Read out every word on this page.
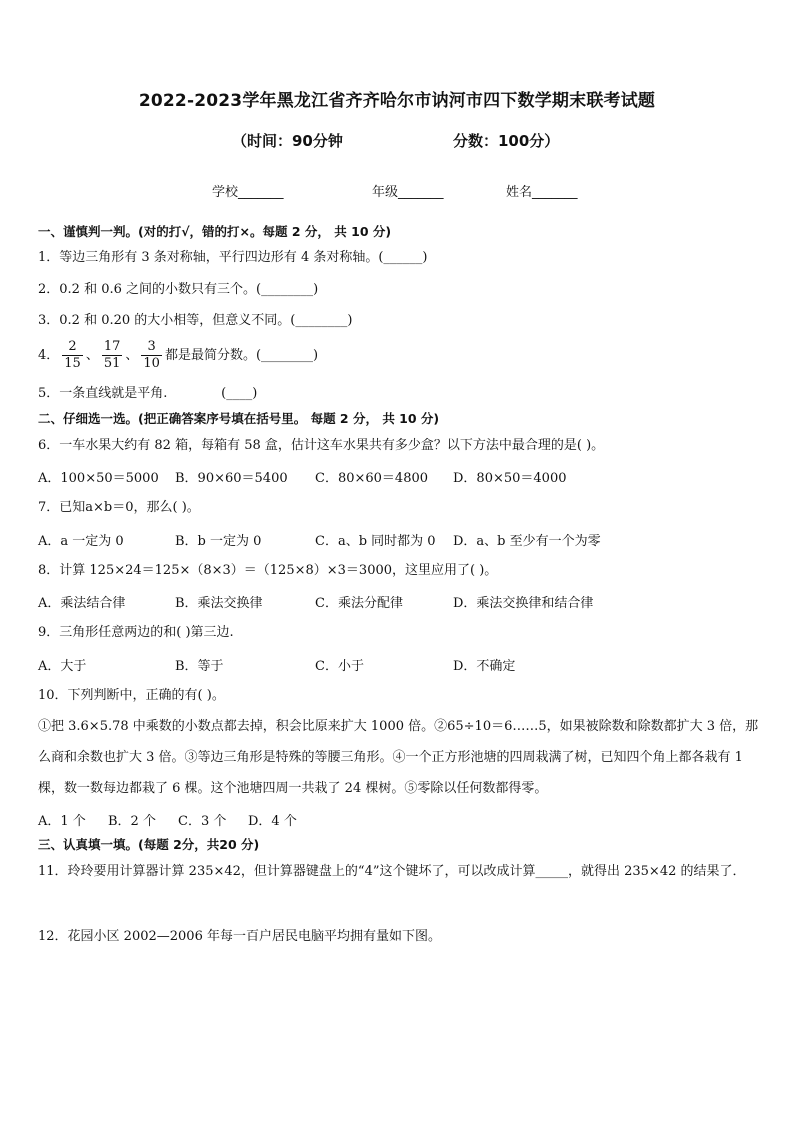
2022-2023学年黑龙江省齐齐哈尔市讷河市四下数学期末联考试题
（时间：90分钟	分数：100分）
学校_______	年级_______	姓名_______
一、谨慎判一判。(对的打√，错的打×。每题 2 分， 共 10 分)
1．等边三角形有 3 条对称轴，平行四边形有 4 条对称轴。(______)
2．0.2 和 0.6 之间的小数只有三个。(________)
3．0.2 和 0.20 的大小相等，但意义不同。(________)
4． $\frac{2}{15}$ 、 $\frac{17}{51}$ 、 $\frac{3}{10}$ 都是最简分数。(________)
5．一条直线就是平角.             (____)
二、仔细选一选。(把正确答案序号填在括号里。 每题 2 分， 共 10 分)
6．一车水果大约有 82 箱，每箱有 58 盒，估计这车水果共有多少盒？以下方法中最合理的是( )。
A．100×50＝5000 B．90×60＝5400 C．80×60＝4800 D．80×50＝4000
7．已知a×b＝0，那么( )。
A．a 一定为 0	B．b 一定为 0	C．a、b 同时都为 0 D．a、b 至少有一个为零
8．计算 125×24＝125×（8×3）＝（125×8）×3＝3000，这里应用了( )。
A．乘法结合律	B．乘法交换律	C．乘法分配律	D．乘法交换律和结合律
9．三角形任意两边的和( )第三边.
A．大于	B．等于	C．小于	D．不确定
10．下列判断中，正确的有( )。
①把 3.6×5.78 中乘数的小数点都去掉，积会比原来扩大 1000 倍。②65÷10＝6……5，如果被除数和除数都扩大 3 倍，那么商和余数也扩大 3 倍。③等边三角形是特殊的等腰三角形。④一个正方形池塘的四周栽满了树，已知四个角上都各栽有 1 棵，数一数每边都栽了 6 棵。这个池塘四周一共栽了 24 棵树。⑤零除以任何数都得零。
A．1 个 B．2 个 C．3 个 D．4 个
三、认真填一填。(每题 2分，共20 分)
11．玲玲要用计算器计算 235×42，但计算器键盘上的“4”这个键坏了，可以改成计算_____，就得出 235×42 的结果了．
12．花园小区 2002—2006 年每一百户居民电脑平均拥有量如下图。
